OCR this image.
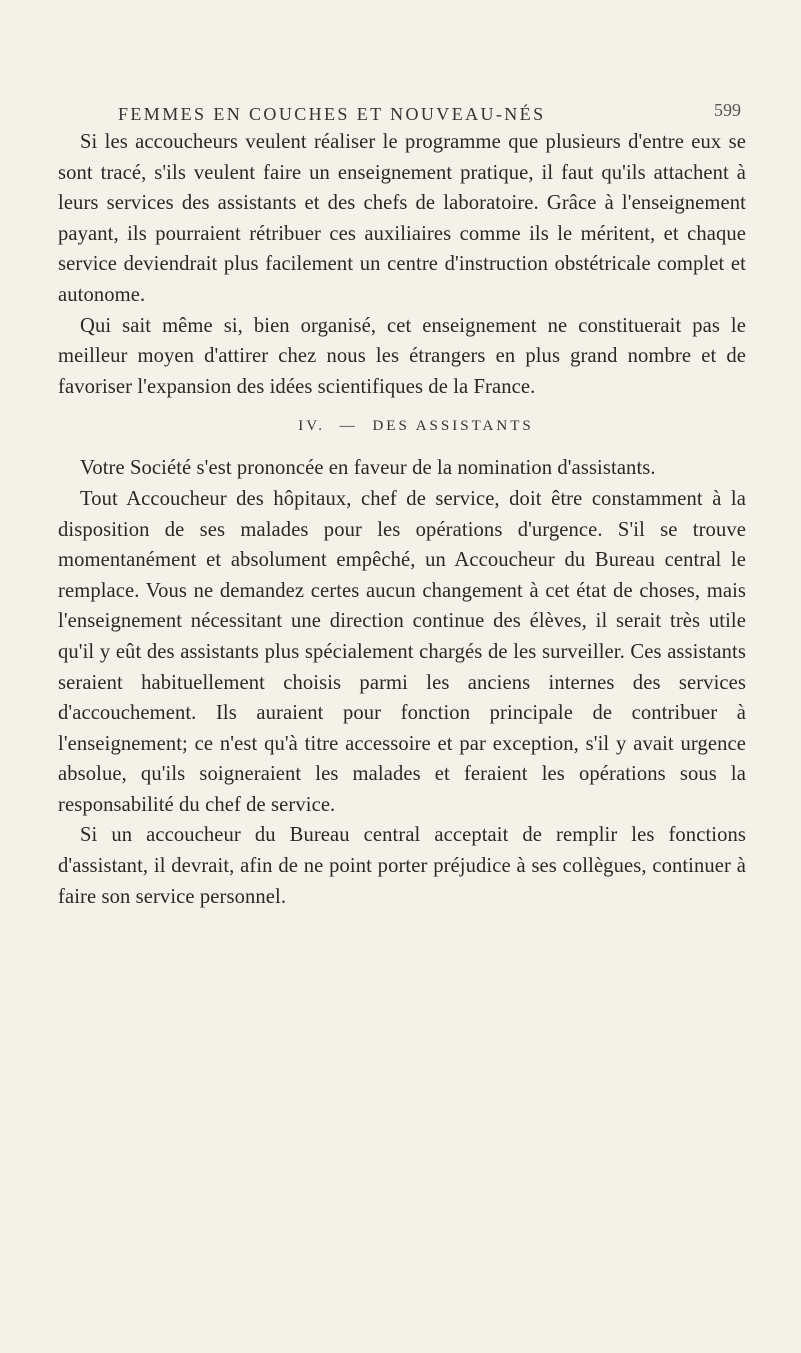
FEMMES EN COUCHES ET NOUVEAU-NÉS	599

Si les accoucheurs veulent réaliser le programme que plusieurs d'entre eux se sont tracé, s'ils veulent faire un enseignement pratique, il faut qu'ils attachent à leurs services des assistants et des chefs de laboratoire. Grâce à l'enseignement payant, ils pourraient rétribuer ces auxiliaires comme ils le méritent, et chaque service deviendrait plus facilement un centre d'instruction obstétricale complet et autonome.

Qui sait même si, bien organisé, cet enseignement ne constituerait pas le meilleur moyen d'attirer chez nous les étrangers en plus grand nombre et de favoriser l'expansion des idées scientifiques de la France.

IV. — DES ASSISTANTS

Votre Société s'est prononcée en faveur de la nomination d'assistants.

Tout Accoucheur des hôpitaux, chef de service, doit être constamment à la disposition de ses malades pour les opérations d'urgence. S'il se trouve momentanément et absolument empêché, un Accoucheur du Bureau central le remplace. Vous ne demandez certes aucun changement à cet état de choses, mais l'enseignement nécessitant une direction continue des élèves, il serait très utile qu'il y eût des assistants plus spécialement chargés de les surveiller. Ces assistants seraient habituellement choisis parmi les anciens internes des services d'accouchement. Ils auraient pour fonction principale de contribuer à l'enseignement; ce n'est qu'à titre accessoire et par exception, s'il y avait urgence absolue, qu'ils soigneraient les malades et feraient les opérations sous la responsabilité du chef de service.

Si un accoucheur du Bureau central acceptait de remplir les fonctions d'assistant, il devrait, afin de ne point porter préjudice à ses collègues, continuer à faire son service personnel.
